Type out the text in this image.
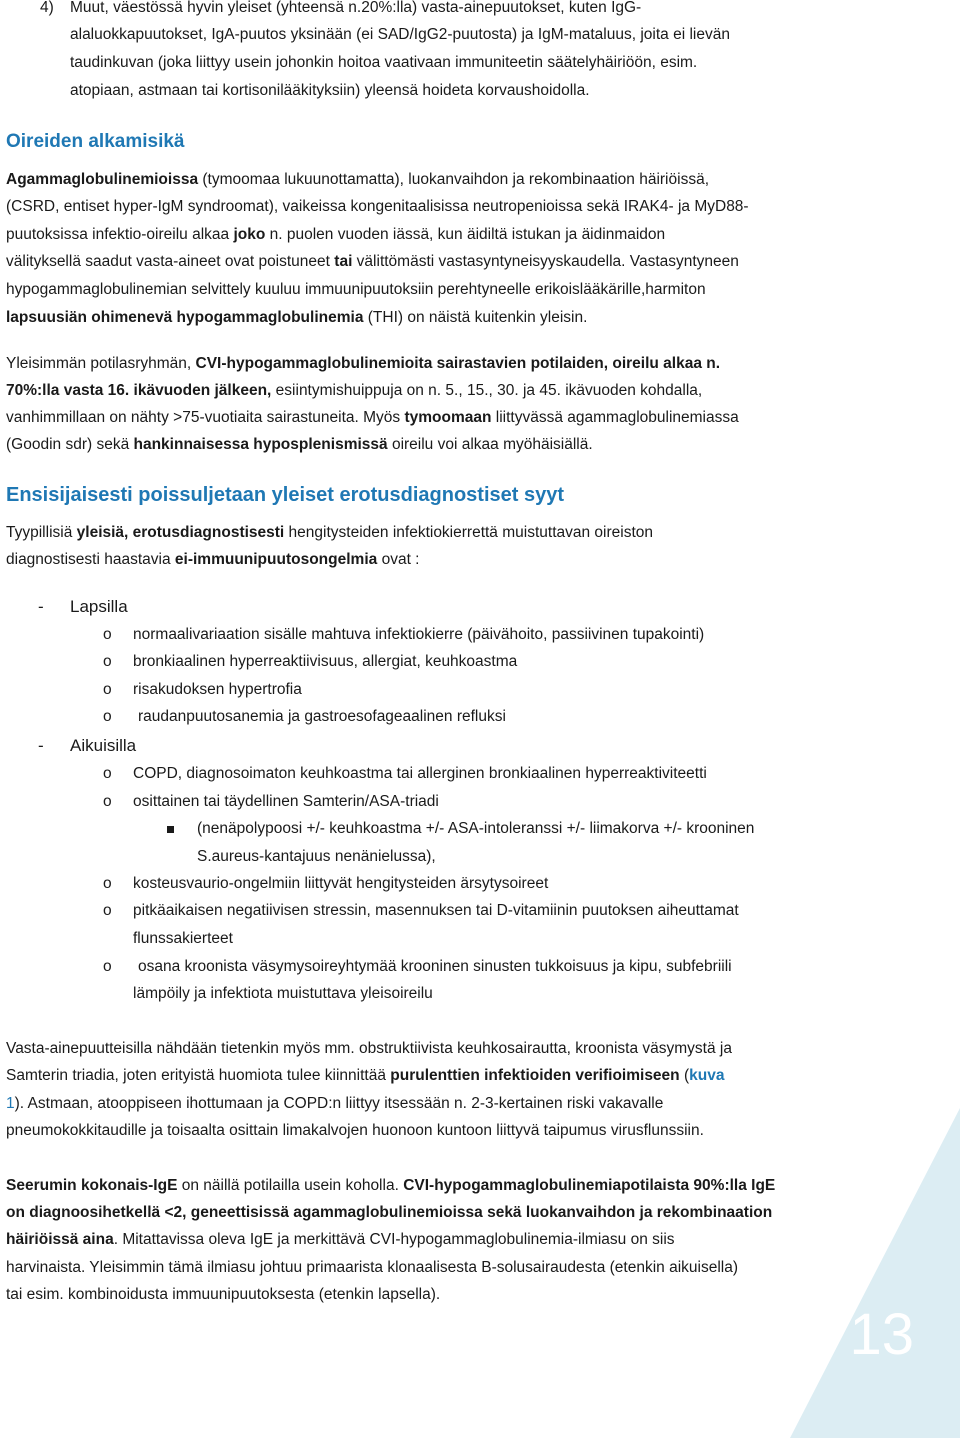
13
4) Muut, väestössä hyvin yleiset (yhteensä n.20%:lla) vasta-ainepuutokset, kuten IgG-
alaluokkapuutokset, IgA-puutos yksinään (ei SAD/IgG2-puutosta) ja IgM-mataluus, joita ei lievän
taudinkuvan (joka liittyy usein johonkin hoitoa vaativaan immuniteetin säätelyhäiriöön, esim.
atopiaan, astmaan tai kortisonilääkityksiin) yleensä hoideta korvaushoidolla.
Oireiden alkamisikä
Agammaglobulinemioissa (tymoomaa lukuunottamatta), luokanvaihdon ja rekombinaation häiriöissä,
(CSRD, entiset hyper-IgM syndroomat), vaikeissa kongenitaalisissa neutropenioissa sekä IRAK4- ja MyD88-
puutoksissa infektio-oireilu alkaa joko n. puolen vuoden iässä, kun äidiltä istukan ja äidinmaidon
välityksellä saadut vasta-aineet ovat poistuneet tai välittömästi vastasyntyneisyyskaudella. Vastasyntyneen
hypogammaglobulinemian selvittely kuuluu immuunipuutoksiin perehtyneelle erikoislääkärille,harmiton
lapsuusiän ohimenevä hypogammaglobulinemia (THI) on näistä kuitenkin yleisin.
Yleisimmän potilasryhmän, CVI-hypogammaglobulinemioita sairastavien potilaiden, oireilu alkaa n.
70%:lla vasta 16. ikävuoden jälkeen, esiintymishuippuja on n. 5., 15., 30. ja 45. ikävuoden kohdalla,
vanhimmillaan on nähty >75-vuotiaita sairastuneita. Myös tymoomaan liittyvässä agammaglobulinemiassa
(Goodin sdr) sekä hankinnaisessa hyposplenismissä oireilu voi alkaa myöhäisiällä.
Ensisijaisesti poissuljetaan yleiset erotusdiagnostiset syyt
Tyypillisiä yleisiä, erotusdiagnostisesti hengitysteiden infektiokierrettä muistuttavan oireiston
diagnostisesti haastavia ei-immuunipuutosongelmia ovat :
- Lapsilla
o normaalivariaation sisälle mahtuva infektiokierre (päivähoito, passiivinen tupakointi)
o bronkiaalinen hyperreaktiivisuus, allergiat, keuhkoastma
o risakudoksen hypertrofia
o raudanpuutosanemia ja gastroesofageaalinen refluksi
- Aikuisilla
o COPD, diagnosoimaton keuhkoastma tai allerginen bronkiaalinen hyperreaktiviteetti
o osittainen tai täydellinen Samterin/ASA-triadi
(nenäpolypoosi +/- keuhkoastma +/- ASA-intoleranssi +/- liimakorva +/- krooninen
S.aureus-kantajuus nenänielussa),
o kosteusvaurio-ongelmiin liittyvät hengitysteiden ärsytysoireet
o pitkäaikaisen negatiivisen stressin, masennuksen tai D-vitamiinin puutoksen aiheuttamat
flunssakierteet
o osana kroonista väsymysoireyhtymää krooninen sinusten tukkoisuus ja kipu, subfebriili
lämpöily ja infektiota muistuttava yleisoireilu
Vasta-ainepuutteisilla nähdään tietenkin myös mm. obstruktiivista keuhkosairautta, kroonista väsymystä ja
Samterin triadia, joten erityistä huomiota tulee kiinnittää purulenttien infektioiden verifioimiseen (kuva
1). Astmaan, atooppiseen ihottumaan ja COPD:n liittyy itsessään n. 2-3-kertainen riski vakavalle
pneumokokkitaudille ja toisaalta osittain limakalvojen huonoon kuntoon liittyvä taipumus virusflunssiin.
Seerumin kokonais-IgE on näillä potilailla usein koholla. CVI-hypogammaglobulinemiapotilaista 90%:lla IgE
on diagnoosihetkellä <2, geneettisissä agammaglobulinemioissa sekä luokanvaihdon ja rekombinaation
häiriöissä aina. Mitattavissa oleva IgE ja merkittävä CVI-hypogammaglobulinemia-ilmiasu on siis
harvinaista. Yleisimmin tämä ilmiasu johtuu primaarista klonaalisesta B-solusairaudesta (etenkin aikuisella)
tai esim. kombinoidusta immuunipuutoksesta (etenkin lapsella).
